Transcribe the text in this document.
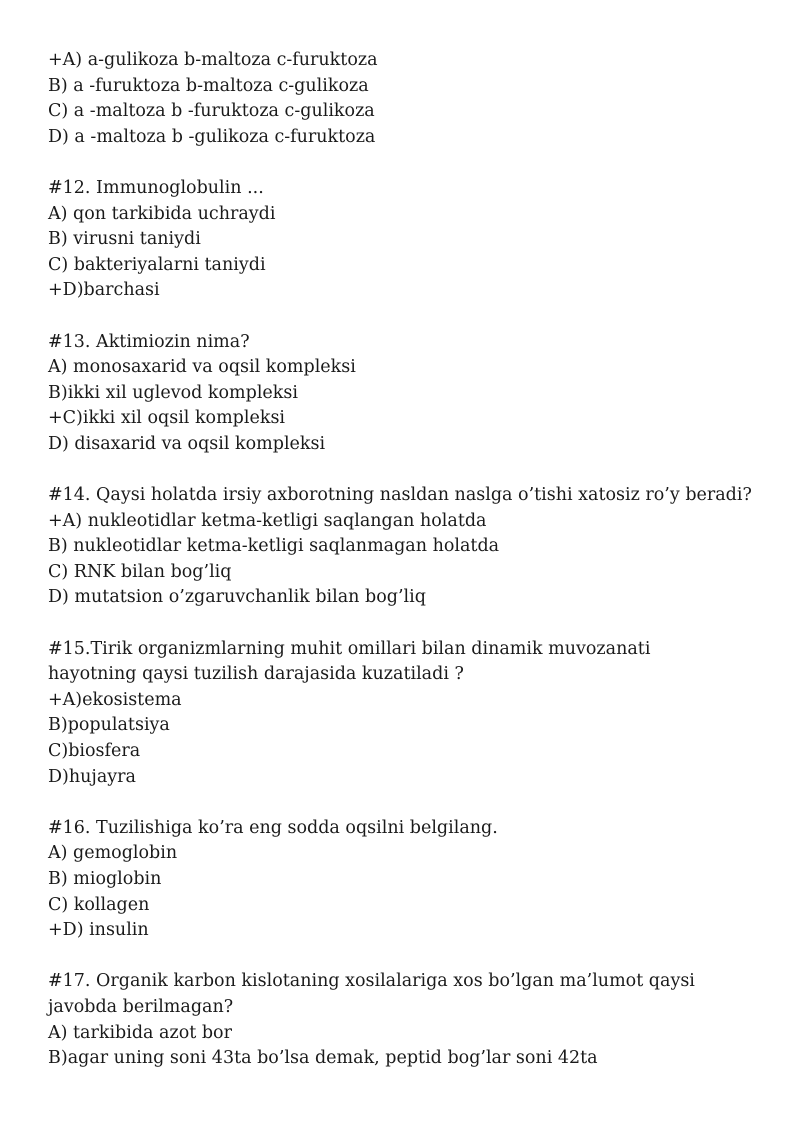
+A) a-gulikoza b-maltoza c-furuktoza

B) a -furuktoza b-maltoza c-gulikoza

C) a -maltoza b -furuktoza c-gulikoza

D) a -maltoza b -gulikoza c-furuktoza

#12. Immunoglobulin ...

A) qon tarkibida uchraydi

B) virusni taniydi

C) bakteriyalarni taniydi

+D)barchasi

#13. Aktimiozin nima?

A) monosaxarid va oqsil kompleksi

B)ikki xil uglevod kompleksi

+C)ikki xil oqsil kompleksi

D) disaxarid va oqsil kompleksi

#14. Qaysi holatda irsiy axborotning nasldan naslga o’tishi xatosiz ro’y beradi?

+A) nukleotidlar ketma-ketligi saqlangan holatda

B) nukleotidlar ketma-ketligi saqlanmagan holatda

C) RNK bilan bog’liq

D) mutatsion o’zgaruvchanlik bilan bog’liq

#15.Tirik organizmlarning muhit omillari bilan dinamik muvozanati

hayotning qaysi tuzilish darajasida kuzatiladi ?

+A)ekosistema

B)populatsiya

C)biosfera

D)hujayra

#16. Tuzilishiga ko’ra eng sodda oqsilni belgilang.

A) gemoglobin

B) mioglobin

C) kollagen

+D) insulin

#17. Organik karbon kislotaning xosilalariga xos bo’lgan ma’lumot qaysi

javobda berilmagan?

A) tarkibida azot bor

B)agar uning soni 43ta bo’lsa demak, peptid bog’lar soni 42ta
